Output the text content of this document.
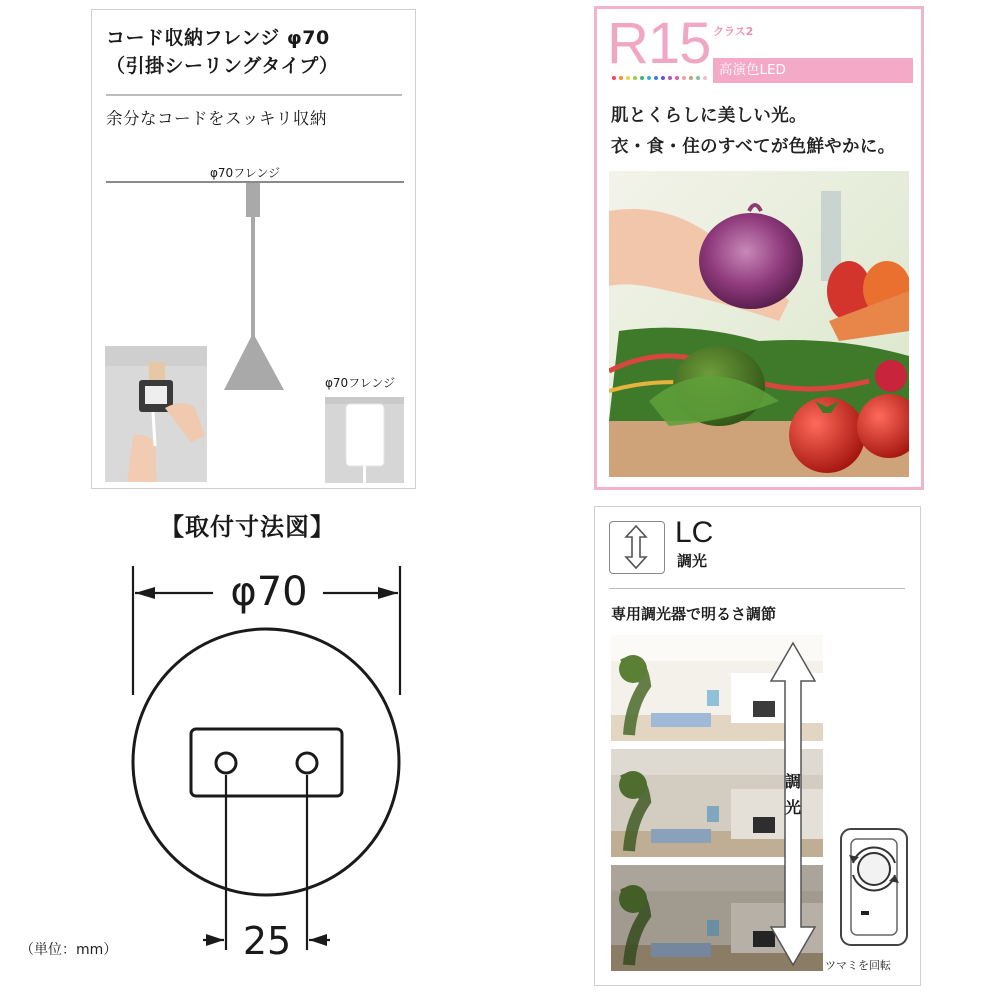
コード収納フレンジ φ70
（引掛シーリングタイプ）
余分なコードをスッキリ収納
φ70フレンジ
φ70フレンジ
R15 クラス2
高演色LED
肌とくらしに美しい光。
衣・食・住のすべてが色鮮やかに。
【取付寸法図】
φ70
25
（単位：mm）
LC
調光
専用調光器で明るさ調節
調光
ツマミを回転
